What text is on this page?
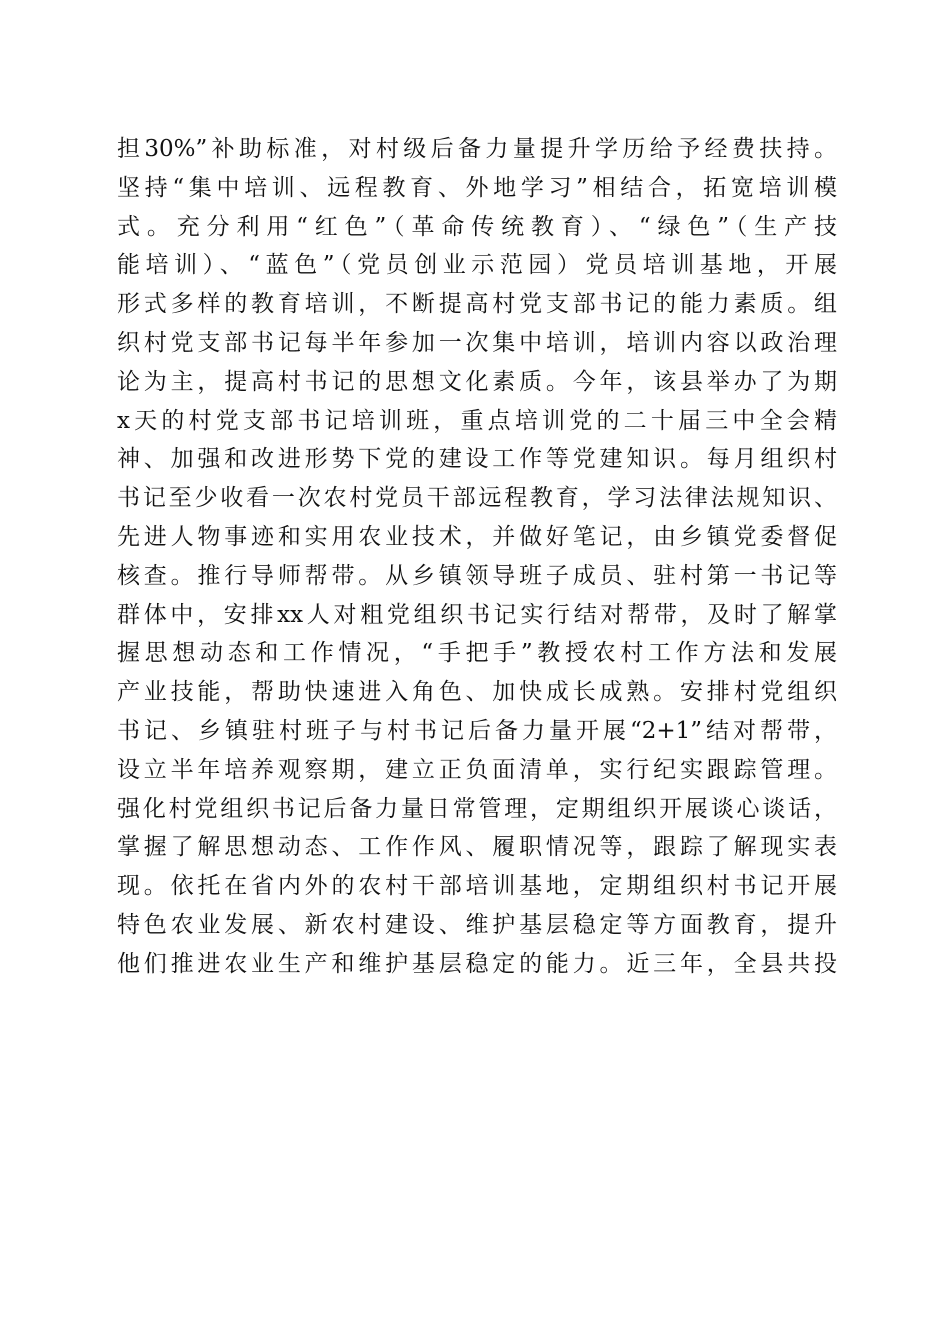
担30%”补助标准，对村级后备力量提升学历给予经费扶持。
坚持“集中培训、远程教育、外地学习”相结合，拓宽培训模
式。充分利用“红色”（革命传统教育）、“绿色”（生产技
能培训）、“蓝色”（党员创业示范园）党员培训基地，开展
形式多样的教育培训，不断提高村党支部书记的能力素质。组
织村党支部书记每半年参加一次集中培训，培训内容以政治理
论为主，提高村书记的思想文化素质。今年，该县举办了为期
x天的村党支部书记培训班，重点培训党的二十届三中全会精
神、加强和改进形势下党的建设工作等党建知识。每月组织村
书记至少收看一次农村党员干部远程教育，学习法律法规知识、
先进人物事迹和实用农业技术，并做好笔记，由乡镇党委督促
核查。推行导师帮带。从乡镇领导班子成员、驻村第一书记等
群体中，安排xx人对粗党组织书记实行结对帮带，及时了解掌
握思想动态和工作情况，“手把手”教授农村工作方法和发展
产业技能，帮助快速进入角色、加快成长成熟。安排村党组织
书记、乡镇驻村班子与村书记后备力量开展“2+1”结对帮带，
设立半年培养观察期，建立正负面清单，实行纪实跟踪管理。
强化村党组织书记后备力量日常管理，定期组织开展谈心谈话，
掌握了解思想动态、工作作风、履职情况等，跟踪了解现实表
现。依托在省内外的农村干部培训基地，定期组织村书记开展
特色农业发展、新农村建设、维护基层稳定等方面教育，提升
他们推进农业生产和维护基层稳定的能力。近三年，全县共投
